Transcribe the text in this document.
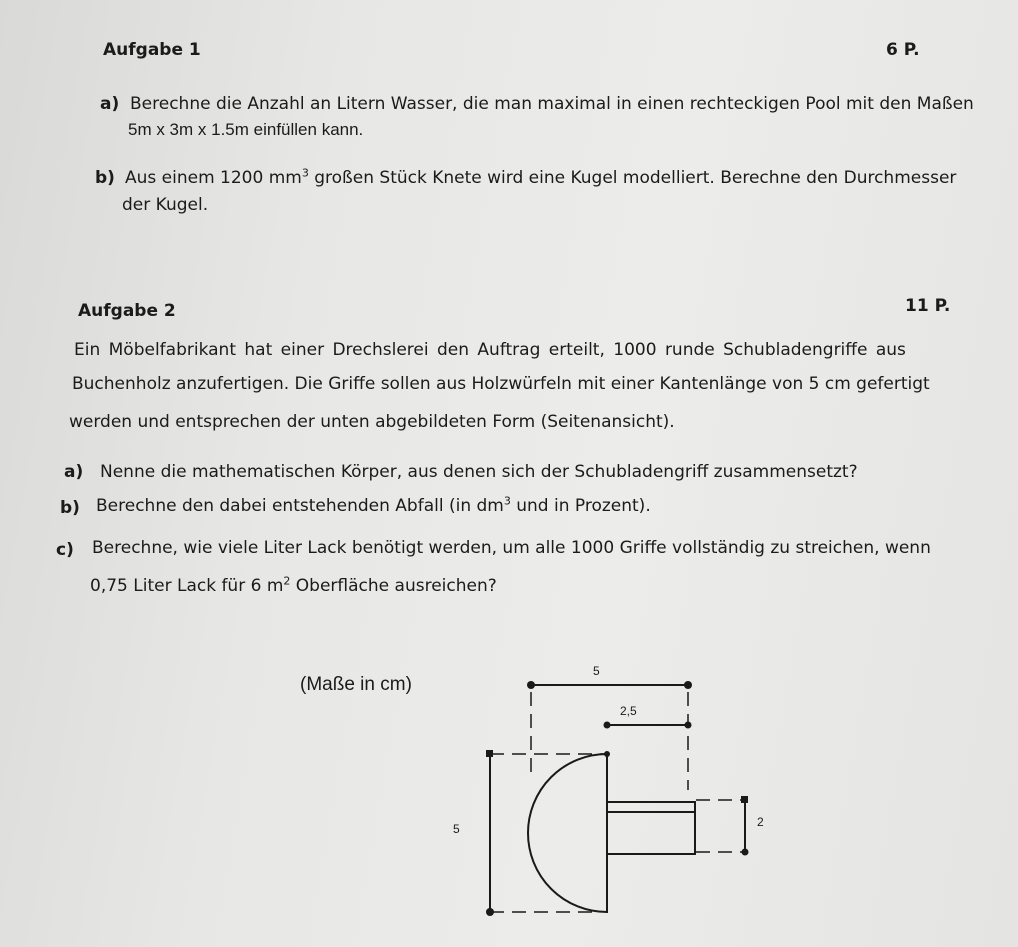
Aufgabe 1	6 P.
a) Berechne die Anzahl an Litern Wasser, die man maximal in einen rechteckigen Pool mit den Maßen
5m x 3m x 1.5m einfüllen kann.
b) Aus einem 1200 $mm^3$ großen Stück Knete wird eine Kugel modelliert. Berechne den Durchmesser
der Kugel.
Aufgabe 2	11 P.
Ein Möbelfabrikant hat einer Drechslerei den Auftrag erteilt, 1000 runde Schubladengriffe aus
Buchenholz anzufertigen. Die Griffe sollen aus Holzwürfeln mit einer Kantenlänge von 5 cm gefertigt
werden und entsprechen der unten abgebildeten Form (Seitenansicht).
a) Nenne die mathematischen Körper, aus denen sich der Schubladengriff zusammensetzt?
b) Berechne den dabei entstehenden Abfall (in $dm^3$ und in Prozent).
c) Berechne, wie viele Liter Lack benötigt werden, um alle 1000 Griffe vollständig zu streichen, wenn
0,75 Liter Lack für 6 $m^2$ Oberfläche ausreichen?
(Maße in cm)
5
2,5
5	2
